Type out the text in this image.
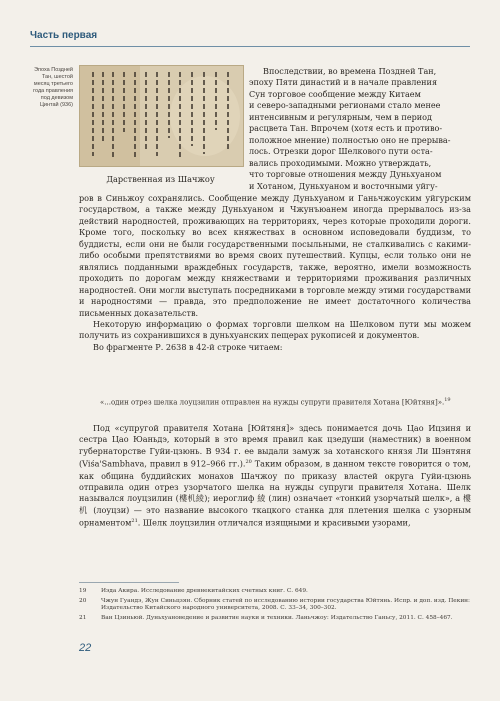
Часть первая
Эпоха Поздней Тан, шестой месяц третьего года правления под девизом Цинтай (936)
Дарственная из Шачжоу
Впоследствии, во времена Поздней Тан,
эпоху Пяти династий и в начале правления
Сун торговое сообщение между Китаем
и северо-западными регионами стало менее
интенсивным и регулярным, чем в период
расцвета Тан. Впрочем (хотя есть и противо-
положное мнение) полностью оно не прерыва-
лось. Отрезки дорог Шелкового пути оста-
вались проходимыми. Можно утверждать,
что торговые отношения между Дуньхуаном
и Хотаном, Дуньхуаном и восточными уйгу-

ров в Синьжоу сохранялись. Сообщение между Дуньхуаном и Ганьчжоуским уйгурским государством, а также между Дуньхуаном и Чжунъюанем иногда прерывалось из-за действий народностей, проживающих на территориях, через которые проходили дороги. Кроме того, поскольку во всех княжествах в основном исповедовали буддизм, то буддисты, если они не были государственными посыльными, не сталкивались с какими-либо особыми препятствиями во время своих путешествий. Купцы, если только они не являлись подданными враждебных государств, также, вероятно, имели возможность проходить по дорогам между княжествами и территориями проживания различных народностей. Они могли выступать посредниками в торговле между этими государствами и народностями — правда, это предположение не имеет достаточного количества письменных доказательств.

Некоторую информацию о формах торговли шелком на Шелковом пути мы можем получить из сохранившихся в дуньхуанских пещерах рукописей и документов.

Во фрагменте Р. 2638 в 42-й строке читаем:

«...один отрез шелка лоуцзилин отправлен на нужды супруги правителя Хотана [Юйтяня]».$^{19}$

Под «супругой правителя Хотана [Юйтяня]» здесь понимается дочь Цао Ицзиня и сестра Цао Юаньдэ, который в это время правил как цзедуши (наместник) в военном губернаторстве Гуйи-цзюнь. В 934 г. ее выдали замуж за хотанского князя Ли Шэнтяня (Viśa'Sambhava, правил в 912–966 гг.).$^{20}$ Таким образом, в данном тексте говорится о том, как община буддийских монахов Шачжоу по приказу властей округа Гуйи-цзюнь отправила один отрез узорчатого шелка на нужды супруги правителя Хотана. Шелк назывался лоуцзилин (樓机綾); иероглиф 綾 (лин) означает «тонкий узорчатый шелк», а 樓机 (лоуцзи) — это название высокого ткацкого станка для плетения шелка с узорным орнаментом$^{21}$. Шелк лоуцзилин отличался изящными и красивыми узорами,

19	Иэда Акира. Исследование древнекитайских счетных книг. С. 649.
20	Чжун Гуандэ, Жун Синьцзян. Сборник статей по исследованию истории государства Юйтянь. Испр. и доп. изд. Пекин: Издательство Китайского народного университета, 2008. С. 33–34, 300–302.
21	Ван Цзиньюй. Дуньхуановедение и развитие науки и техники. Ланьчжоу: Издательство Ганьсу, 2011. С. 458–467.
22
